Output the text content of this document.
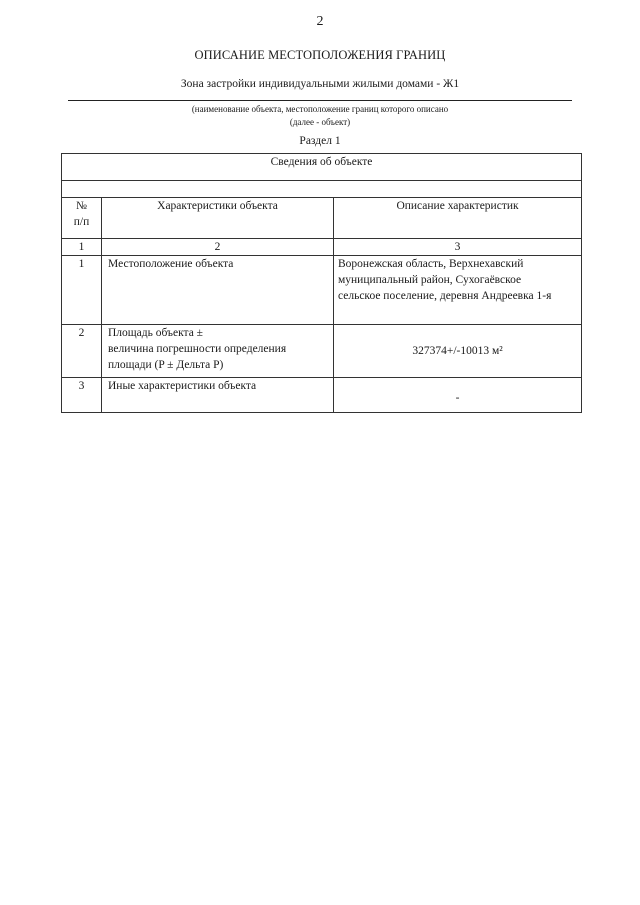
2
ОПИСАНИЕ МЕСТОПОЛОЖЕНИЯ ГРАНИЦ
Зона застройки индивидуальными жилыми домами - Ж1
(наименование объекта, местоположение границ которого описано
(далее - объект)
Раздел 1
Сведения об объекте		

№
п/п	Характеристики объекта	Описание характеристик
1	2	3
1	Местоположение объекта	Воронежская область, Верхнехавский
муниципальный район, Сухогаёвское
сельское поселение, деревня Андреевка 1-я
2	Площадь объекта ±
величина погрешности определения
площади (P ± Дельта P)	327374+/-10013 м²
3	Иные характеристики объекта	-
